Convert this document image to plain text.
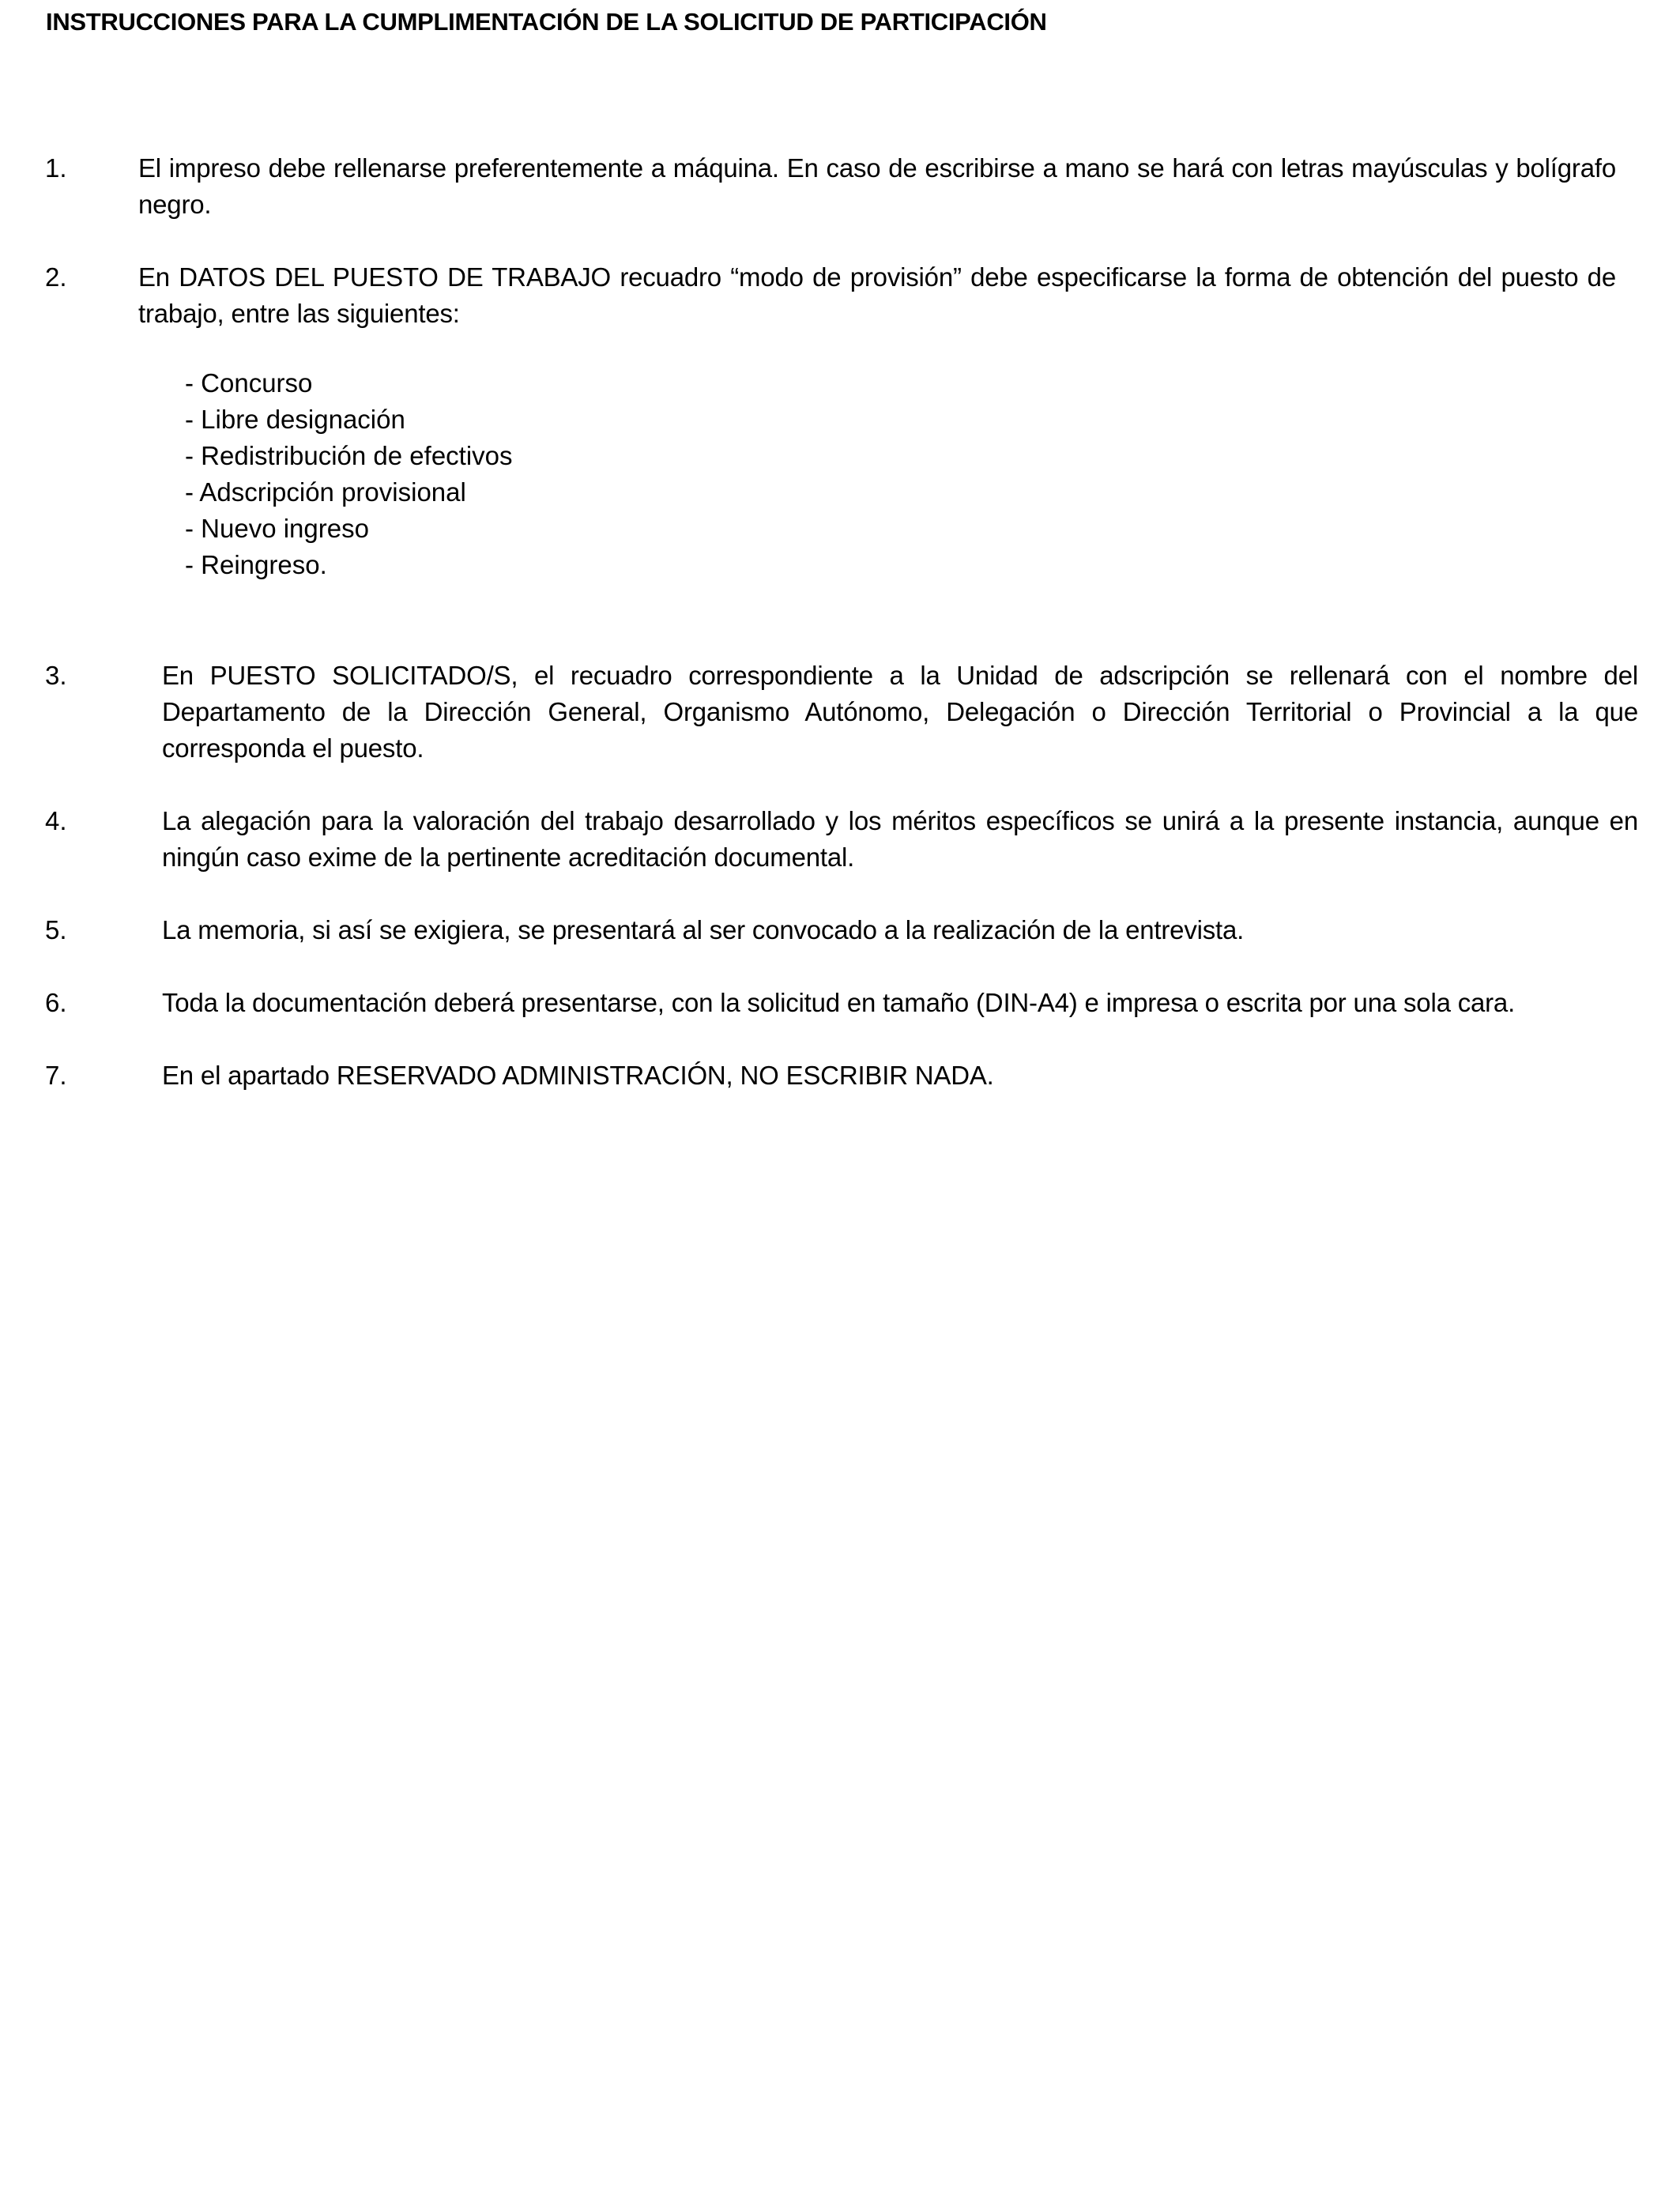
INSTRUCCIONES PARA LA CUMPLIMENTACIÓN DE LA SOLICITUD DE PARTICIPACIÓN
1.	El impreso debe rellenarse preferentemente a máquina. En caso de escribirse a mano se hará con letras mayúsculas y bolígrafo negro.
2.	En DATOS DEL PUESTO DE TRABAJO recuadro “modo de provisión” debe especificarse la forma de obtención del puesto de trabajo, entre las siguientes:
- Concurso
- Libre designación
- Redistribución de efectivos
- Adscripción provisional
- Nuevo ingreso
- Reingreso.
3.	En PUESTO SOLICITADO/S, el recuadro correspondiente a la Unidad de adscripción se rellenará con el nombre del Departamento de la Dirección General, Organismo Autónomo, Delegación o Dirección Territorial o Provincial a la que corresponda el puesto.
4.	La alegación para la valoración del trabajo desarrollado y los méritos específicos se unirá a la presente instancia, aunque en ningún caso exime de la pertinente acreditación documental.
5.	La memoria, si así se exigiera, se presentará al ser convocado a la realización de la entrevista.
6.	Toda la documentación deberá presentarse, con la solicitud en tamaño (DIN-A4) e impresa o escrita por una sola cara.
7.	En el apartado RESERVADO ADMINISTRACIÓN, NO ESCRIBIR NADA.
